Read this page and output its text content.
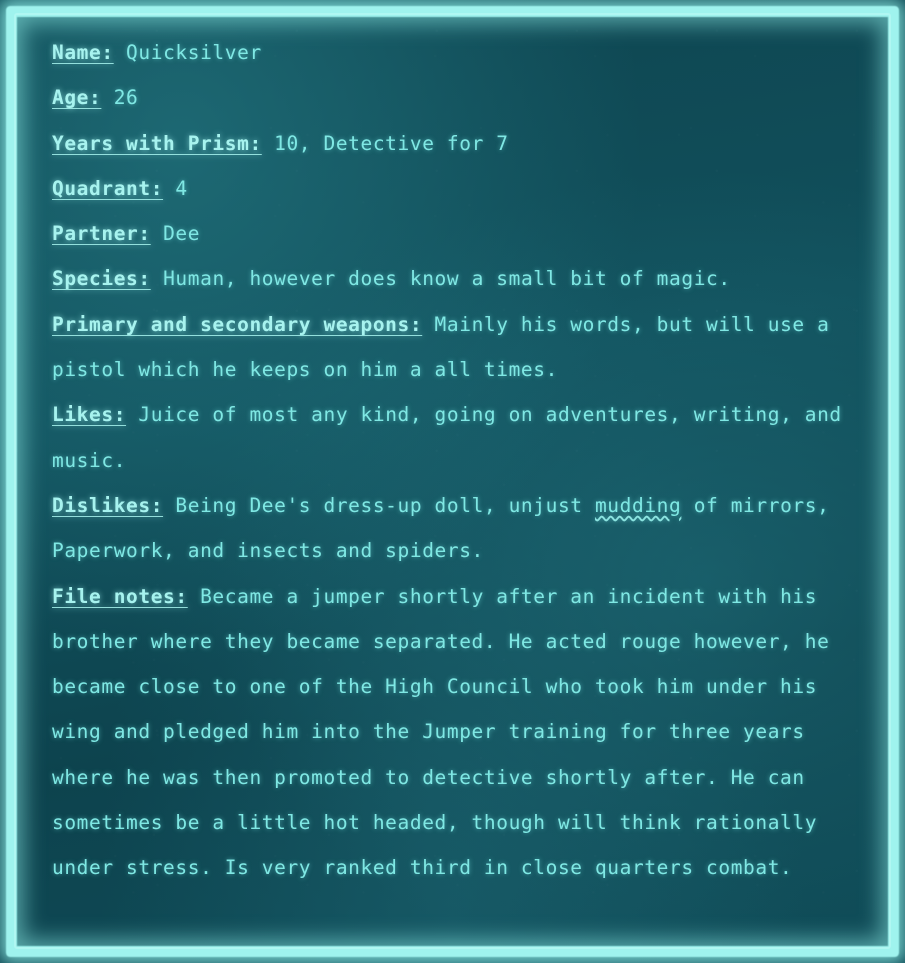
Name: Quicksilver
Age: 26
Years with Prism: 10, Detective for 7
Quadrant: 4
Partner: Dee
Species: Human, however does know a small bit of magic.
Primary and secondary weapons: Mainly his words, but will use a pistol which he keeps on him a all times.
Likes: Juice of most any kind, going on adventures, writing, and music.
Dislikes: Being Dee's dress-up doll, unjust mudding of mirrors, Paperwork, and insects and spiders.
File notes: Became a jumper shortly after an incident with his brother where they became separated. He acted rouge however, he became close to one of the High Council who took him under his wing and pledged him into the Jumper training for three years where he was then promoted to detective shortly after. He can sometimes be a little hot headed, though will think rationally under stress. Is very ranked third in close quarters combat.
